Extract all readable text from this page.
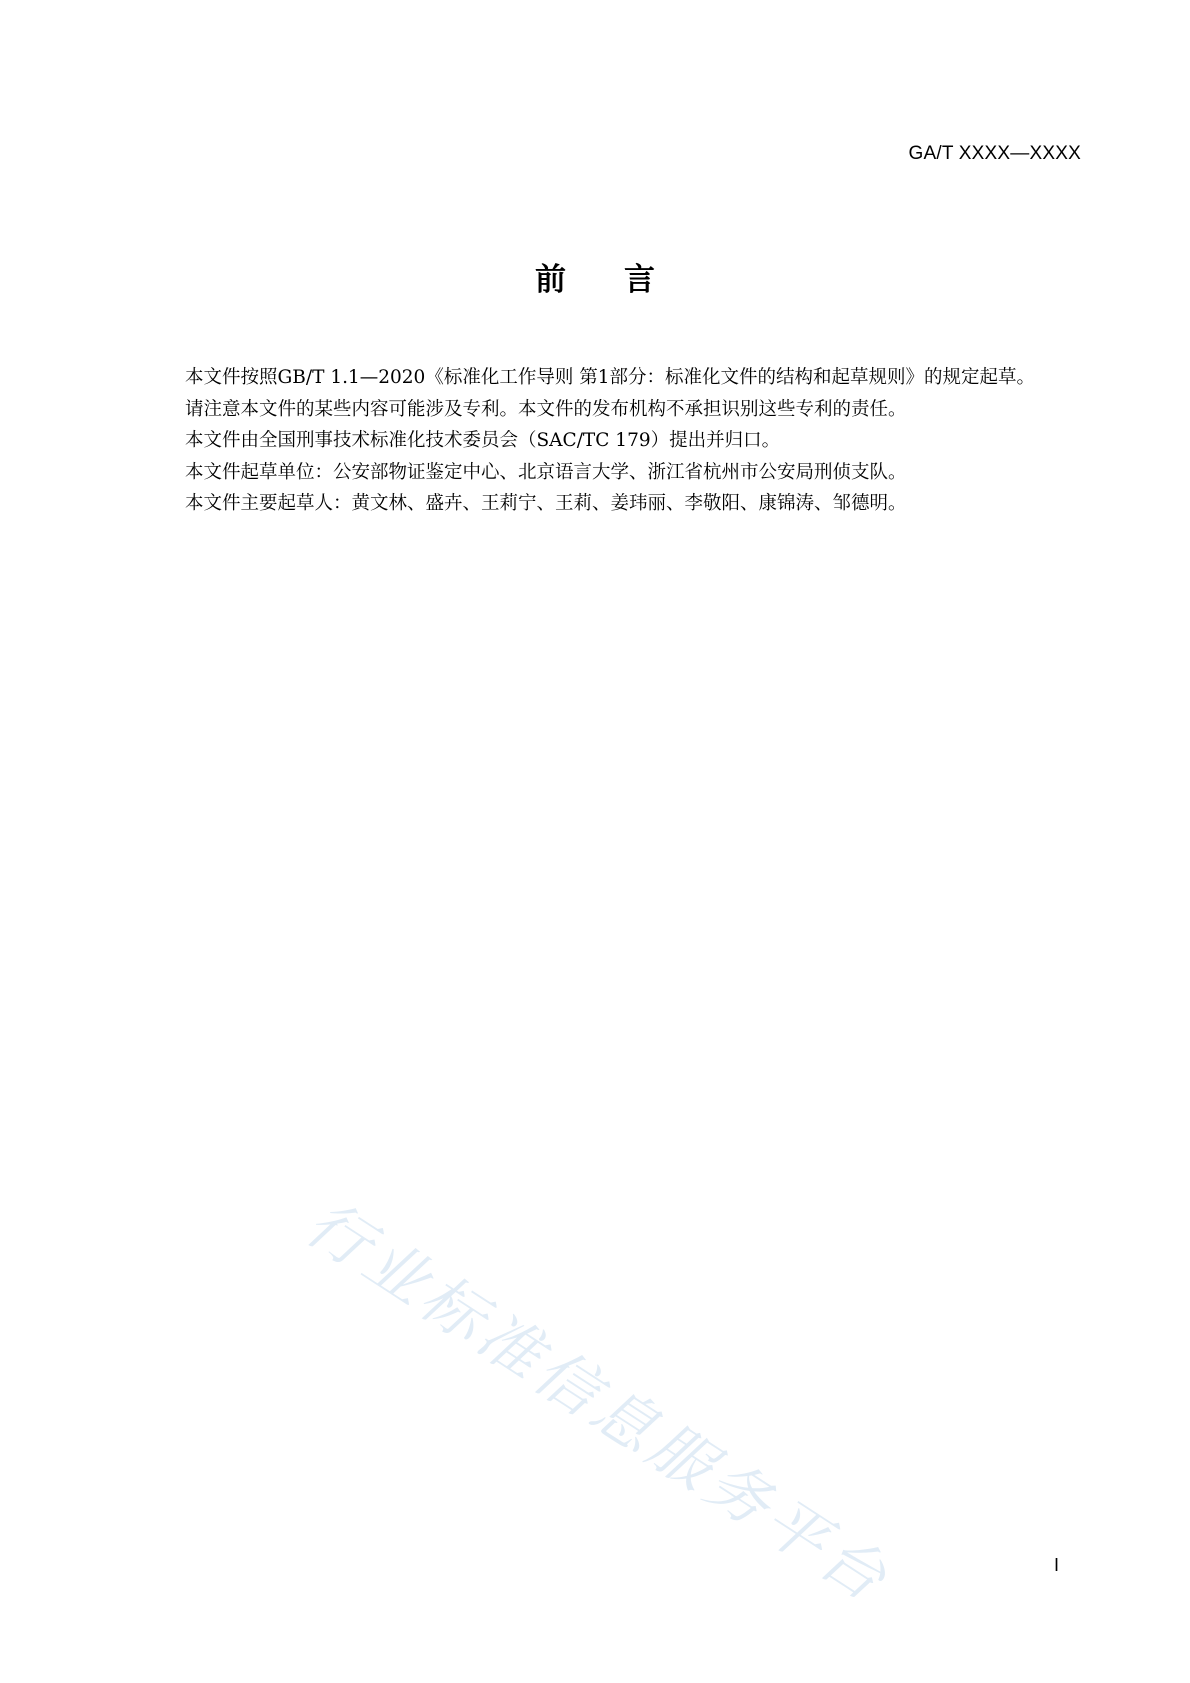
GA/T XXXX—XXXX
前言

本文件按照GB/T 1.1—2020《标准化工作导则 第1部分：标准化文件的结构和起草规则》的规定起草。

请注意本文件的某些内容可能涉及专利。本文件的发布机构不承担识别这些专利的责任。

本文件由全国刑事技术标准化技术委员会（SAC/TC 179）提出并归口。

本文件起草单位：公安部物证鉴定中心、北京语言大学、浙江省杭州市公安局刑侦支队。

本文件主要起草人：黄文林、盛卉、王莉宁、王莉、姜玮丽、李敬阳、康锦涛、邹德明。

行业标准信息服务平台	I
